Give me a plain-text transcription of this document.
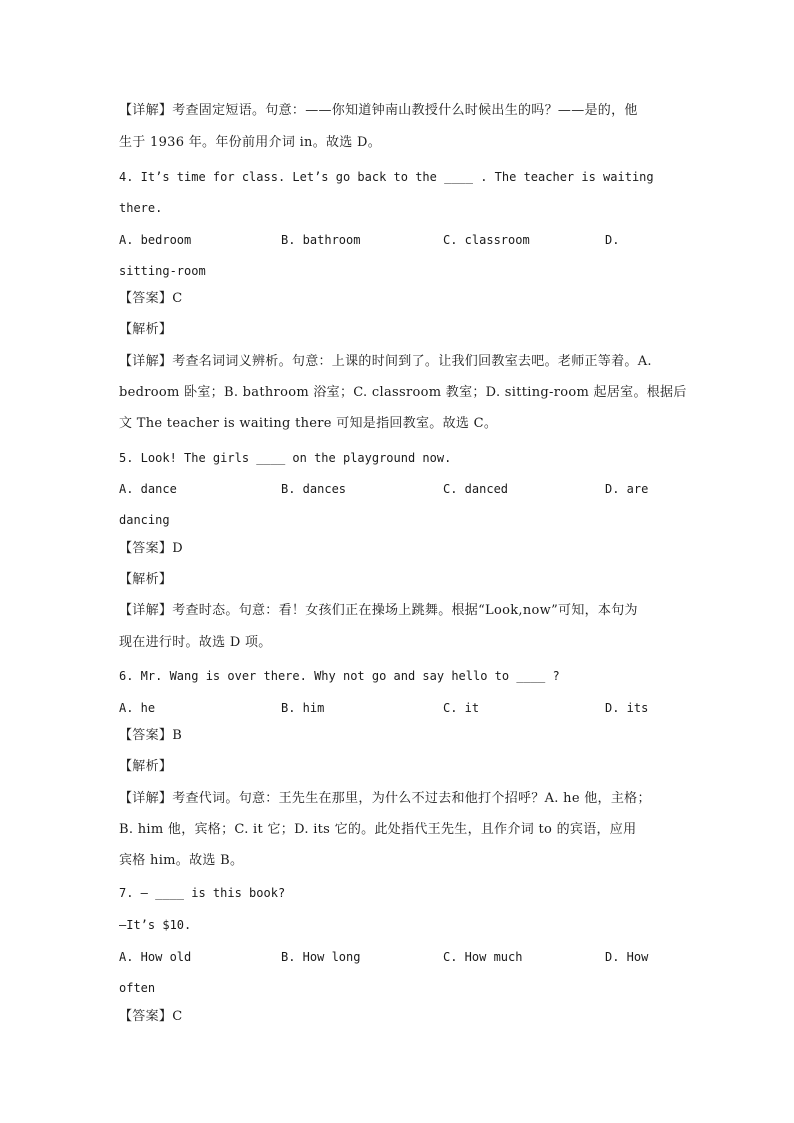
【详解】考查固定短语。句意：——你知道钟南山教授什么时候出生的吗？——是的，他
生于 1936 年。年份前用介词 in。故选 D。
4. It’s time for class. Let’s go back to the ____ . The teacher is waiting
there.
A. bedroom	B. bathroom	C. classroom	D.
sitting-room
【答案】C
【解析】
【详解】考查名词词义辨析。句意：上课的时间到了。让我们回教室去吧。老师正等着。A.
bedroom 卧室；B. bathroom 浴室；C. classroom 教室；D. sitting-room 起居室。根据后
文 The teacher is waiting there 可知是指回教室。故选 C。
5. Look! The girls ____ on the playground now.
A. dance	B. dances	C. danced	D. are
dancing
【答案】D
【解析】
【详解】考查时态。句意：看！女孩们正在操场上跳舞。根据“Look,now”可知，本句为
现在进行时。故选 D 项。
6. Mr. Wang is over there. Why not go and say hello to ____ ?
A. he	B. him	C. it	D. its
【答案】B
【解析】
【详解】考查代词。句意：王先生在那里，为什么不过去和他打个招呼？A. he 他，主格；
B. him 他，宾格；C. it 它；D. its 它的。此处指代王先生，且作介词 to 的宾语，应用
宾格 him。故选 B。
7. — ____ is this book?
—It’s $10.
A. How old	B. How long	C. How much	D. How
often
【答案】C
